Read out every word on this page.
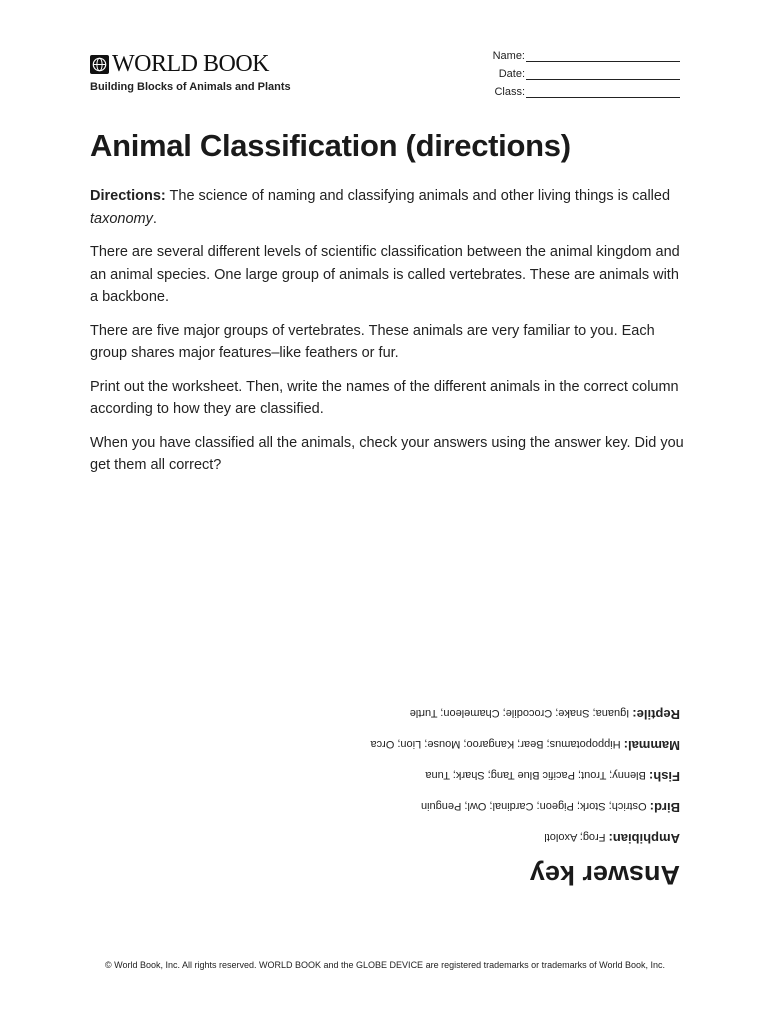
WORLD BOOK
Building Blocks of Animals and Plants
Name:
Date:
Class:
Animal Classification (directions)

Directions: The science of naming and classifying animals and other living things is called taxonomy.

There are several different levels of scientific classification between the animal kingdom and an animal species. One large group of animals is called vertebrates. These are animals with a backbone.

There are five major groups of vertebrates. These animals are very familiar to you. Each group shares major features–like feathers or fur.

Print out the worksheet. Then, write the names of the different animals in the correct column according to how they are classified.

When you have classified all the animals, check your answers using the answer key. Did you get them all correct?

Answer key
Amphibian: Frog; Axolotl
Bird: Ostrich; Stork; Pigeon; Cardinal; Owl; Penguin
Fish: Blenny; Trout; Pacific Blue Tang; Shark; Tuna
Mammal: Hippopotamus; Bear; Kangaroo; Mouse; Lion; Orca
Reptile: Iguana; Snake; Crocodile; Chameleon; Turtle
© World Book, Inc. All rights reserved. WORLD BOOK and the GLOBE DEVICE are registered trademarks or trademarks of World Book, Inc.
